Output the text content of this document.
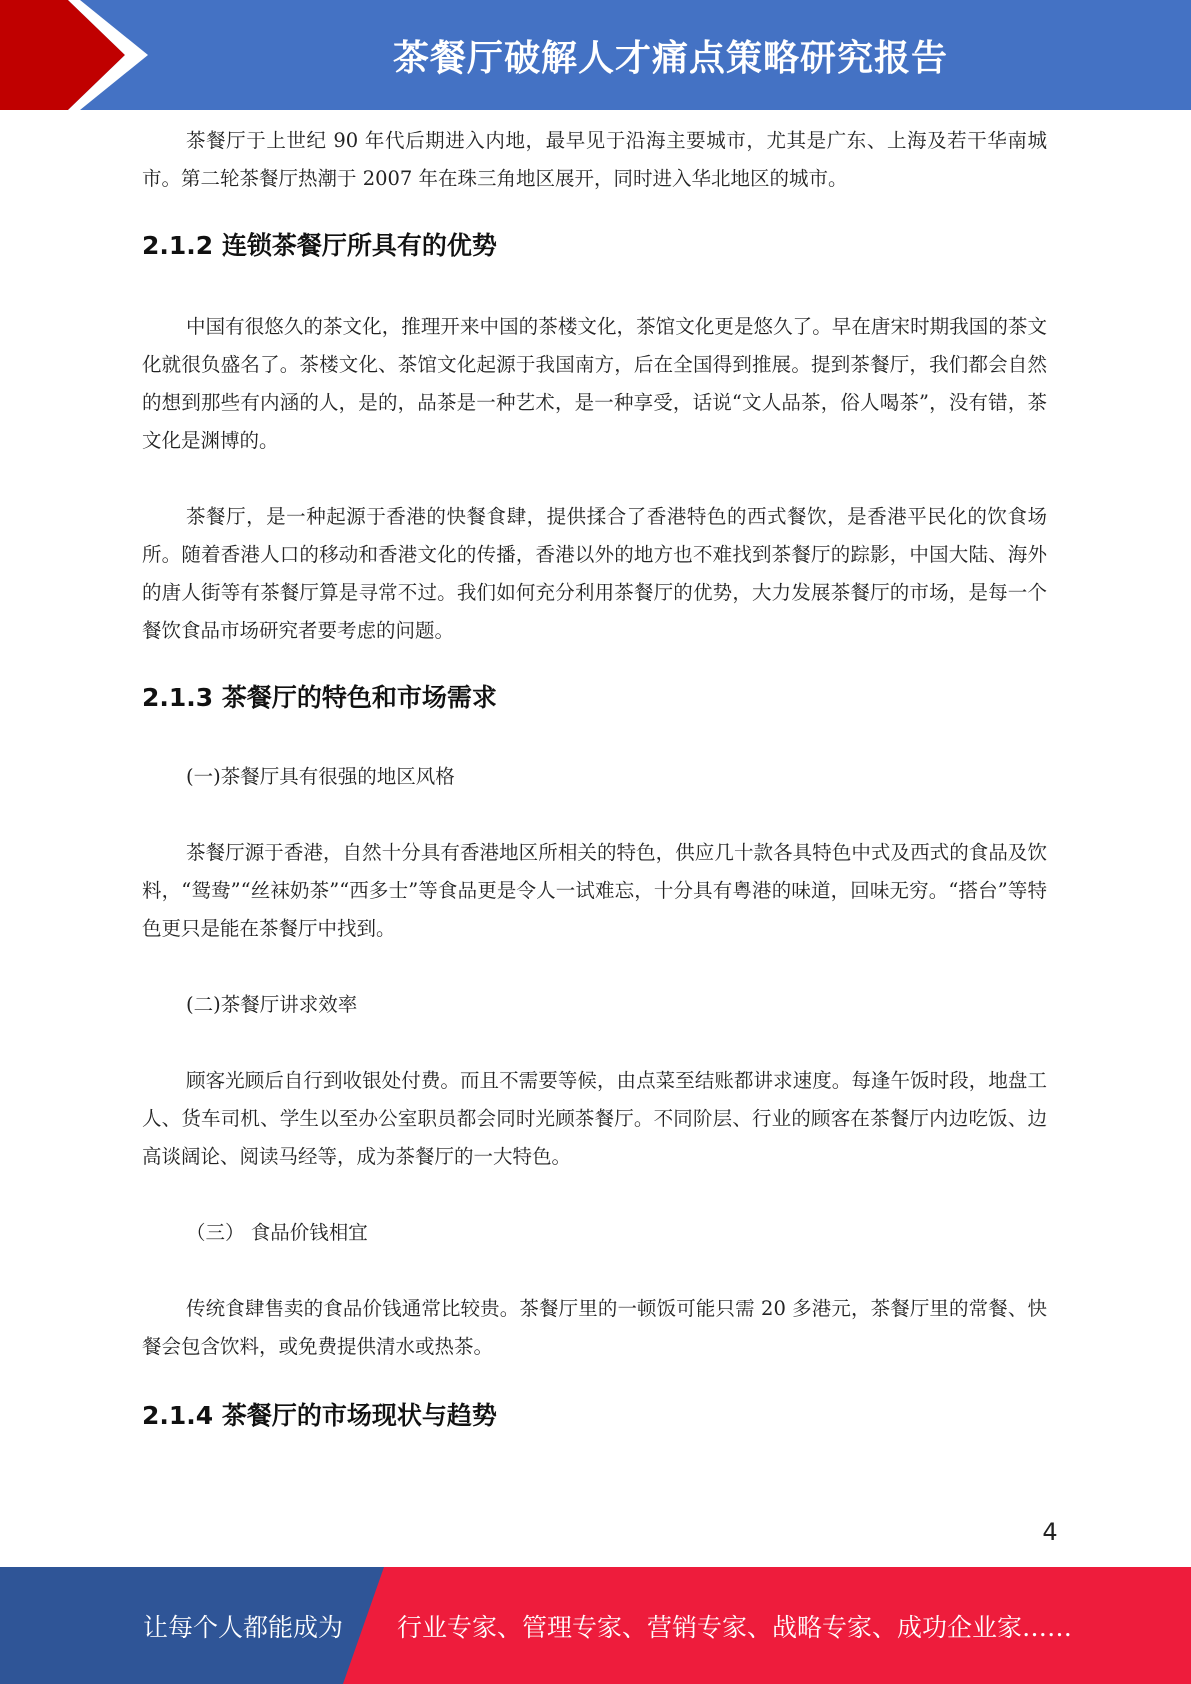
茶餐厅破解人才痛点策略研究报告

茶餐厅于上世纪 90 年代后期进入内地，最早见于沿海主要城市，尤其是广东、上海及若干华南城市。第二轮茶餐厅热潮于 2007 年在珠三角地区展开，同时进入华北地区的城市。

2.1.2 连锁茶餐厅所具有的优势

中国有很悠久的茶文化，推理开来中国的茶楼文化，茶馆文化更是悠久了。早在唐宋时期我国的茶文化就很负盛名了。茶楼文化、茶馆文化起源于我国南方，后在全国得到推展。提到茶餐厅，我们都会自然的想到那些有内涵的人，是的，品茶是一种艺术，是一种享受，话说“文人品茶，俗人喝茶”，没有错，茶文化是渊博的。

茶餐厅，是一种起源于香港的快餐食肆，提供揉合了香港特色的西式餐饮，是香港平民化的饮食场所。随着香港人口的移动和香港文化的传播，香港以外的地方也不难找到茶餐厅的踪影，中国大陆、海外的唐人街等有茶餐厅算是寻常不过。我们如何充分利用茶餐厅的优势，大力发展茶餐厅的市场，是每一个餐饮食品市场研究者要考虑的问题。

2.1.3 茶餐厅的特色和市场需求

(一)茶餐厅具有很强的地区风格

茶餐厅源于香港，自然十分具有香港地区所相关的特色，供应几十款各具特色中式及西式的食品及饮料，“鸳鸯”“丝袜奶茶”“西多士”等食品更是令人一试难忘，十分具有粤港的味道，回味无穷。“搭台”等特色更只是能在茶餐厅中找到。

(二)茶餐厅讲求效率

顾客光顾后自行到收银处付费。而且不需要等候，由点菜至结账都讲求速度。每逢午饭时段，地盘工人、货车司机、学生以至办公室职员都会同时光顾茶餐厅。不同阶层、行业的顾客在茶餐厅内边吃饭、边高谈阔论、阅读马经等，成为茶餐厅的一大特色。

（三） 食品价钱相宜

传统食肆售卖的食品价钱通常比较贵。茶餐厅里的一顿饭可能只需 20 多港元，茶餐厅里的常餐、快餐会包含饮料，或免费提供清水或热茶。

2.1.4 茶餐厅的市场现状与趋势
4
让每个人都能成为 行业专家、管理专家、营销专家、战略专家、成功企业家……
